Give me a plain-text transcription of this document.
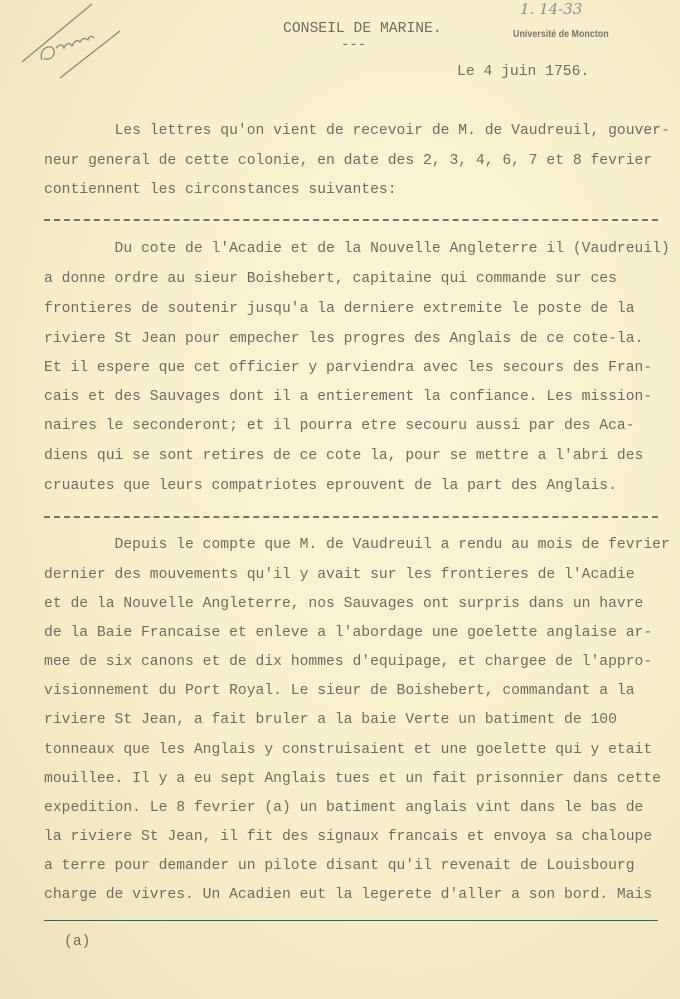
1. 14-33
Université de Moncton
CONSEIL DE MARINE.
---
Le 4 juin 1756.
Les lettres qu'on vient de recevoir de M. de Vaudreuil, gouver-
neur general de cette colonie, en date des 2, 3, 4, 6, 7 et 8 fevrier
contiennent les circonstances suivantes:
Du cote de l'Acadie et de la Nouvelle Angleterre il (Vaudreuil)
a donne ordre au sieur Boishebert, capitaine qui commande sur ces
frontieres de soutenir jusqu'a la derniere extremite le poste de la
riviere St Jean pour empecher les progres des Anglais de ce cote-la.
Et il espere que cet officier y parviendra avec les secours des Fran-
cais et des Sauvages dont il a entierement la confiance. Les mission-
naires le seconderont; et il pourra etre secouru aussi par des Aca-
diens qui se sont retires de ce cote la, pour se mettre a l'abri des
cruautes que leurs compatriotes eprouvent de la part des Anglais.
Depuis le compte que M. de Vaudreuil a rendu au mois de fevrier
dernier des mouvements qu'il y avait sur les frontieres de l'Acadie
et de la Nouvelle Angleterre, nos Sauvages ont surpris dans un havre
de la Baie Francaise et enleve a l'abordage une goelette anglaise ar-
mee de six canons et de dix hommes d'equipage, et chargee de l'appro-
visionnement du Port Royal. Le sieur de Boishebert, commandant a la
riviere St Jean, a fait bruler a la baie Verte un batiment de 100
tonneaux que les Anglais y construisaient et une goelette qui y etait
mouillee. Il y a eu sept Anglais tues et un fait prisonnier dans cette
expedition. Le 8 fevrier (a) un batiment anglais vint dans le bas de
la riviere St Jean, il fit des signaux francais et envoya sa chaloupe
a terre pour demander un pilote disant qu'il revenait de Louisbourg
charge de vivres. Un Acadien eut la legerete d'aller a son bord. Mais
(a)
